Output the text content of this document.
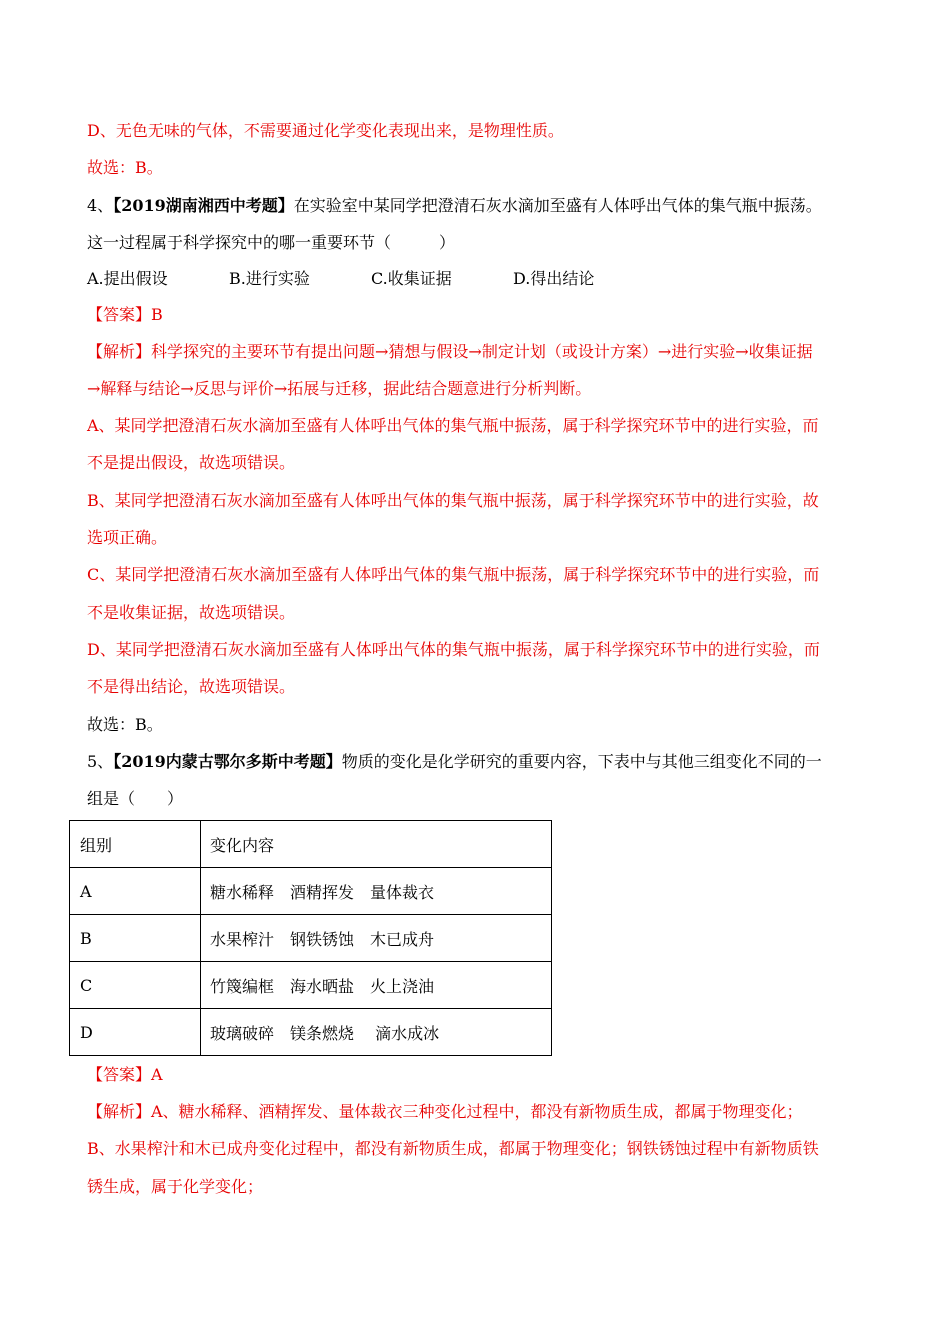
D、无色无味的气体，不需要通过化学变化表现出来，是物理性质。
故选：B。
4、【2019湖南湘西中考题】在实验室中某同学把澄清石灰水滴加至盛有人体呼出气体的集气瓶中振荡。
这一过程属于科学探究中的哪一重要环节（　　　）
A.提出假设	B.进行实验	C.收集证据	D.得出结论
【答案】B
【解析】科学探究的主要环节有提出问题→猜想与假设→制定计划（或设计方案）→进行实验→收集证据
→解释与结论→反思与评价→拓展与迁移，据此结合题意进行分析判断。
A、某同学把澄清石灰水滴加至盛有人体呼出气体的集气瓶中振荡，属于科学探究环节中的进行实验，而
不是提出假设，故选项错误。
B、某同学把澄清石灰水滴加至盛有人体呼出气体的集气瓶中振荡，属于科学探究环节中的进行实验，故
选项正确。
C、某同学把澄清石灰水滴加至盛有人体呼出气体的集气瓶中振荡，属于科学探究环节中的进行实验，而
不是收集证据，故选项错误。
D、某同学把澄清石灰水滴加至盛有人体呼出气体的集气瓶中振荡，属于科学探究环节中的进行实验，而
不是得出结论，故选项错误。
故选：B。
5、【2019内蒙古鄂尔多斯中考题】物质的变化是化学研究的重要内容，下表中与其他三组变化不同的一
组是（　　）
组别	变化内容
A	糖水稀释　酒精挥发　量体裁衣
B	水果榨汁　钢铁锈蚀　木已成舟
C	竹篾编框　海水晒盐　火上浇油
D	玻璃破碎　镁条燃烧　 滴水成冰
【答案】A
【解析】A、糖水稀释、酒精挥发、量体裁衣三种变化过程中，都没有新物质生成，都属于物理变化；
B、水果榨汁和木已成舟变化过程中，都没有新物质生成，都属于物理变化；钢铁锈蚀过程中有新物质铁
锈生成，属于化学变化；
